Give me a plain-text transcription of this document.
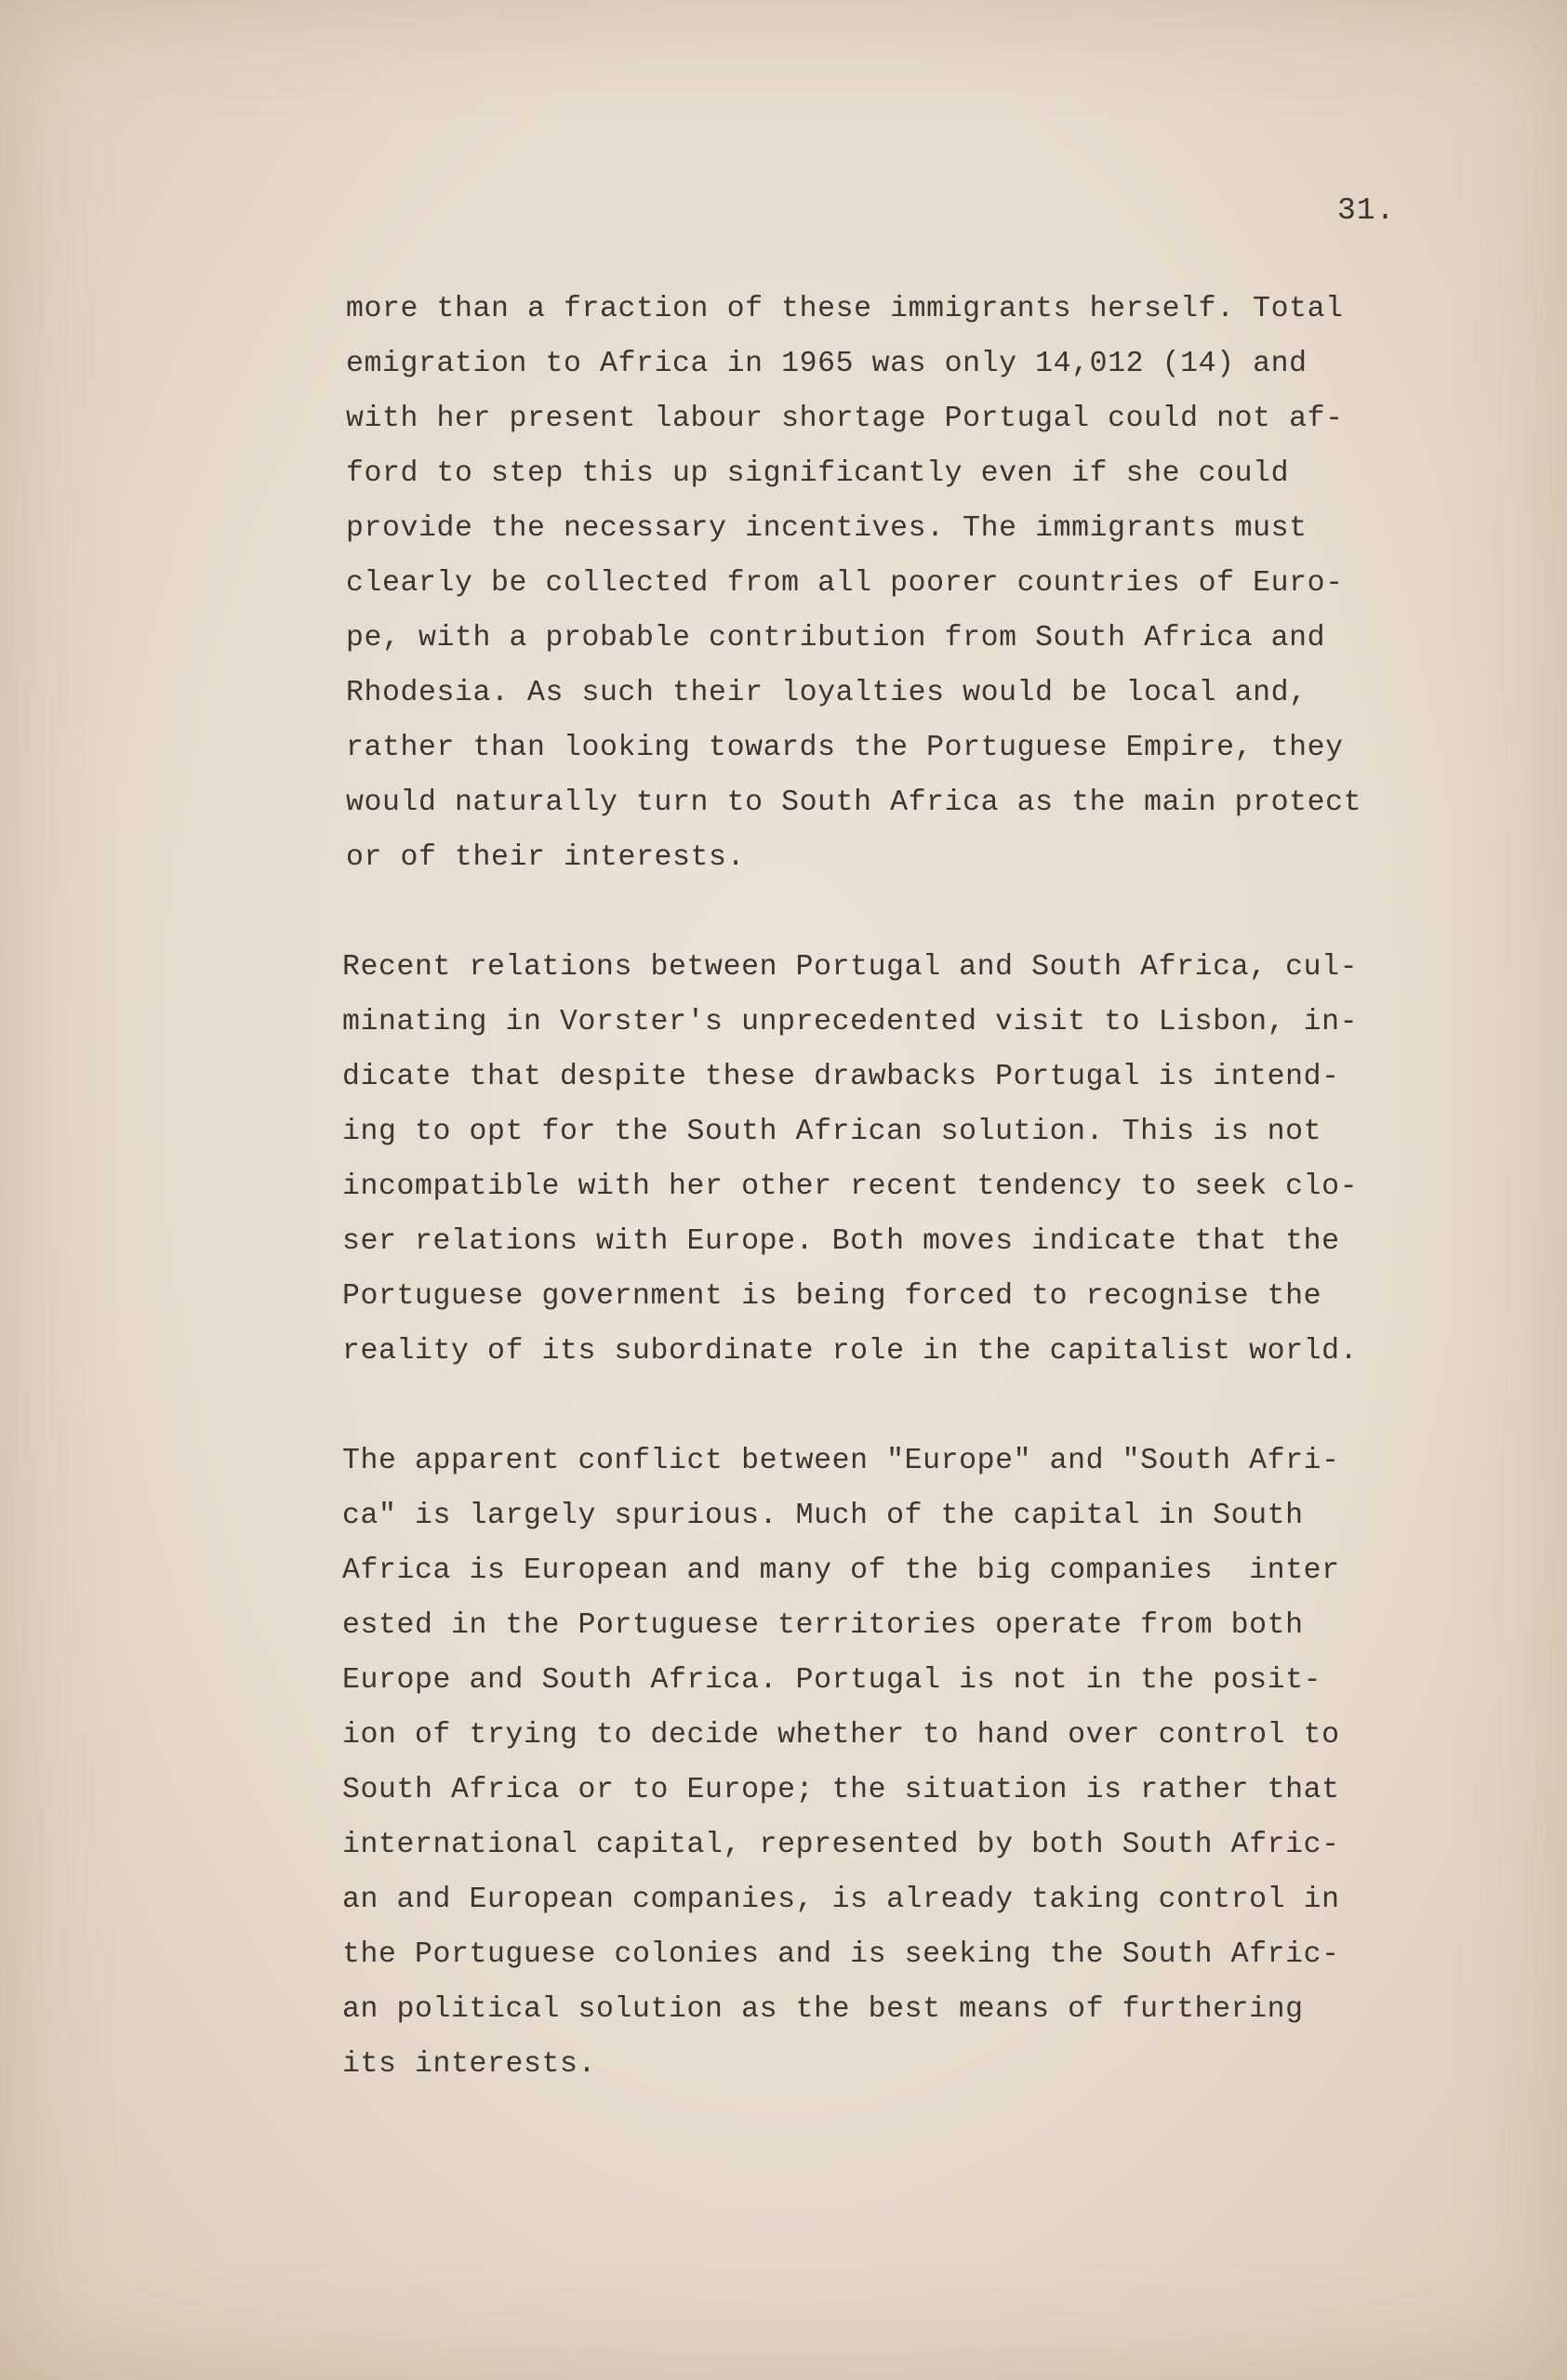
31.
more than a fraction of these immigrants herself. Total
emigration to Africa in 1965 was only 14,012 (14) and
with her present labour shortage Portugal could not af-
ford to step this up significantly even if she could
provide the necessary incentives. The immigrants must
clearly be collected from all poorer countries of Euro-
pe, with a probable contribution from South Africa and
Rhodesia. As such their loyalties would be local and,
rather than looking towards the Portuguese Empire, they
would naturally turn to South Africa as the main protect
or of their interests.
Recent relations between Portugal and South Africa, cul-
minating in Vorster's unprecedented visit to Lisbon, in-
dicate that despite these drawbacks Portugal is intend-
ing to opt for the South African solution. This is not
incompatible with her other recent tendency to seek clo-
ser relations with Europe. Both moves indicate that the
Portuguese government is being forced to recognise the
reality of its subordinate role in the capitalist world.
The apparent conflict between "Europe" and "South Afri-
ca" is largely spurious. Much of the capital in South
Africa is European and many of the big companies  inter
ested in the Portuguese territories operate from both
Europe and South Africa. Portugal is not in the posit-
ion of trying to decide whether to hand over control to
South Africa or to Europe; the situation is rather that
international capital, represented by both South Afric-
an and European companies, is already taking control in
the Portuguese colonies and is seeking the South Afric-
an political solution as the best means of furthering
its interests.
